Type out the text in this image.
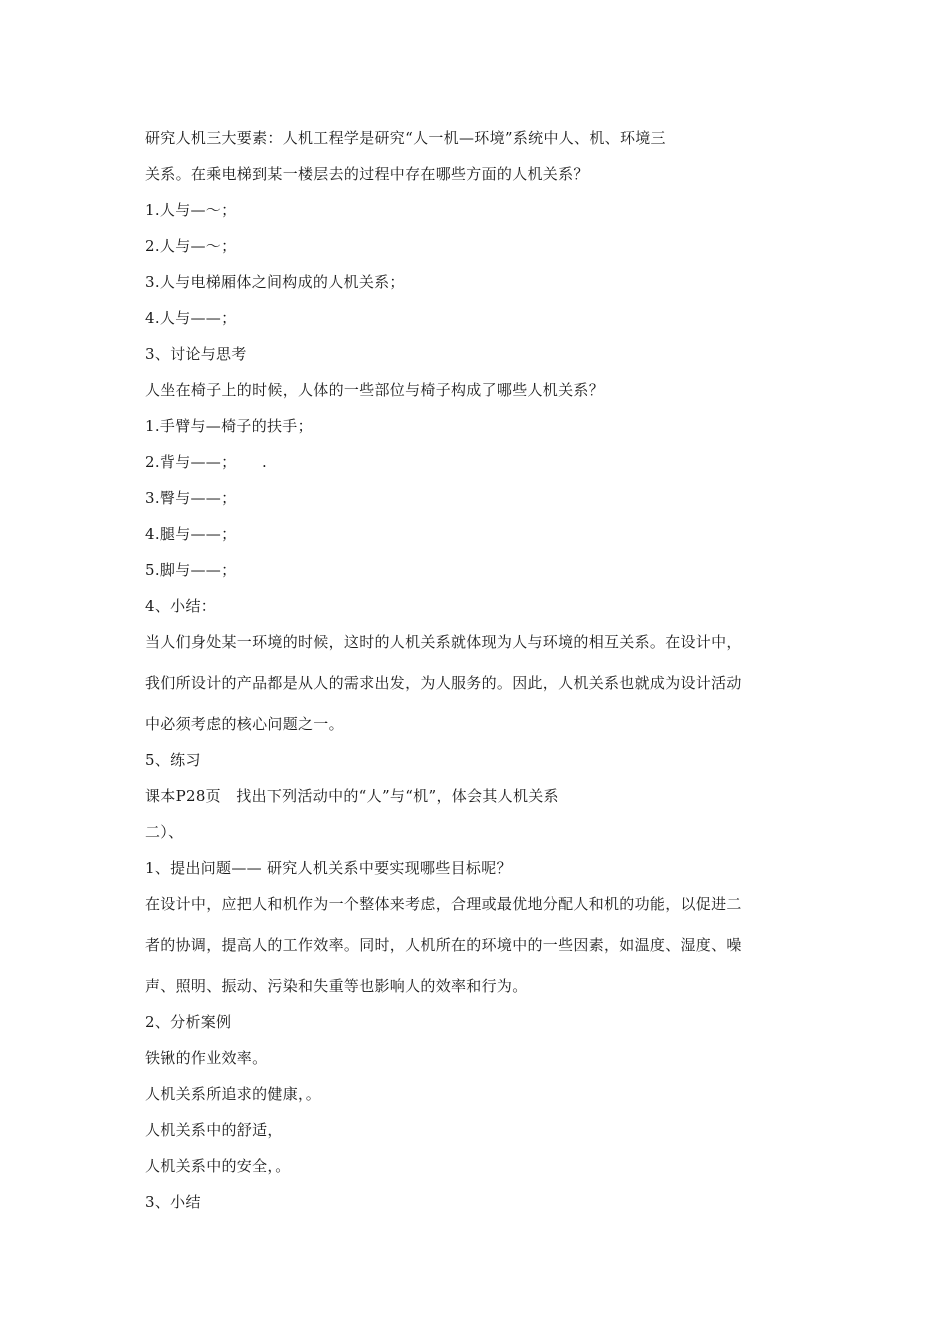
研究人机三大要素：人机工程学是研究“人一机—环境”系统中人、机、环境三
关系。在乘电梯到某一楼层去的过程中存在哪些方面的人机关系？
1.人与—～；
2.人与—～；
3.人与电梯厢体之间构成的人机关系；
4.人与——；
3、讨论与思考
人坐在椅子上的时候，人体的一些部位与椅子构成了哪些人机关系？
1.手臂与—椅子的扶手；
2.背与——； .
3.臀与——；
4.腿与——；
5.脚与——；
4、小结：
当人们身处某一环境的时候，这时的人机关系就体现为人与环境的相互关系。在设计中，
我们所设计的产品都是从人的需求出发，为人服务的。因此，人机关系也就成为设计活动
中必须考虑的核心问题之一。
5、练习
课本P28页　找出下列活动中的“人”与“机”，体会其人机关系
二）、
1、提出问题—— 研究人机关系中要实现哪些目标呢？
在设计中，应把人和机作为一个整体来考虑，合理或最优地分配人和机的功能，以促进二
者的协调，提高人的工作效率。同时，人机所在的环境中的一些因素，如温度、湿度、噪
声、照明、振动、污染和失重等也影响人的效率和行为。
2、分析案例
铁锹的作业效率。
人机关系所追求的健康，。
人机关系中的舒适，
人机关系中的安全，。
3、小结
